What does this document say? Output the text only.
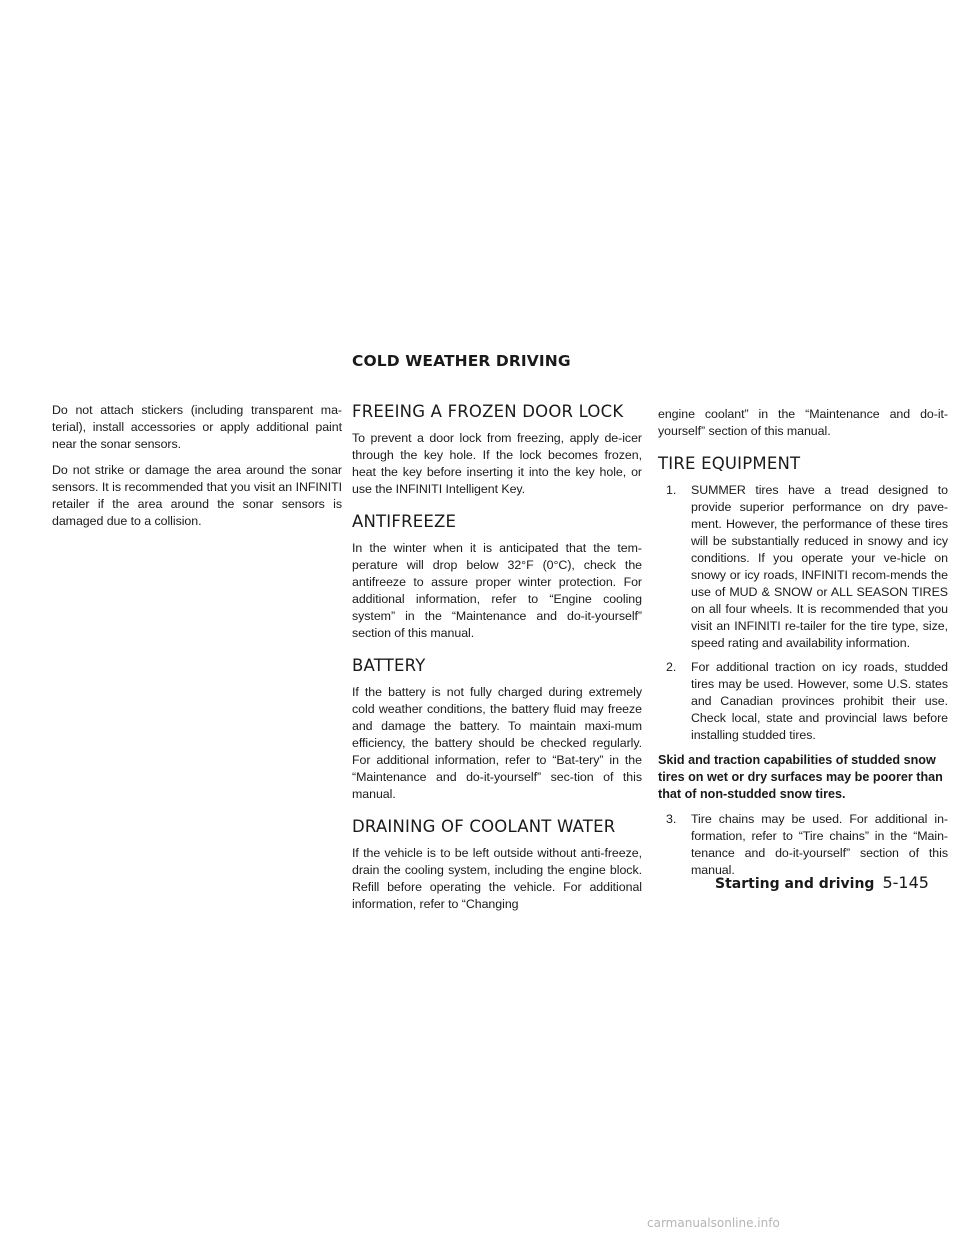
COLD WEATHER DRIVING

Do not attach stickers (including transparent ma-terial), install accessories or apply additional paint near the sonar sensors.

Do not strike or damage the area around the sonar sensors. It is recommended that you visit an INFINITI retailer if the area around the sonar sensors is damaged due to a collision.

FREEING A FROZEN DOOR LOCK

To prevent a door lock from freezing, apply de-icer through the key hole. If the lock becomes frozen, heat the key before inserting it into the key hole, or use the INFINITI Intelligent Key.

ANTIFREEZE

In the winter when it is anticipated that the tem-perature will drop below 32°F (0°C), check the antifreeze to assure proper winter protection. For additional information, refer to “Engine cooling system” in the “Maintenance and do-it-yourself” section of this manual.

BATTERY

If the battery is not fully charged during extremely cold weather conditions, the battery fluid may freeze and damage the battery. To maintain maxi-mum efficiency, the battery should be checked regularly. For additional information, refer to “Bat-tery” in the “Maintenance and do-it-yourself” sec-tion of this manual.

DRAINING OF COOLANT WATER

If the vehicle is to be left outside without anti-freeze, drain the cooling system, including the engine block. Refill before operating the vehicle. For additional information, refer to “Changing

engine coolant” in the “Maintenance and do-it-yourself” section of this manual.

TIRE EQUIPMENT
1. SUMMER tires have a tread designed to provide superior performance on dry pave-ment. However, the performance of these tires will be substantially reduced in snowy and icy conditions. If you operate your ve-hicle on snowy or icy roads, INFINITI recom-mends the use of MUD & SNOW or ALL SEASON TIRES on all four wheels. It is recommended that you visit an INFINITI re-tailer for the tire type, size, speed rating and availability information.
2. For additional traction on icy roads, studded tires may be used. However, some U.S. states and Canadian provinces prohibit their use. Check local, state and provincial laws before installing studded tires.
Skid and traction capabilities of studded snow tires on wet or dry surfaces may be poorer than that of non-studded snow tires.
3. Tire chains may be used. For additional in-formation, refer to “Tire chains” in the “Main-tenance and do-it-yourself” section of this manual.
Starting and driving 5-145
carmanualsonline.info
